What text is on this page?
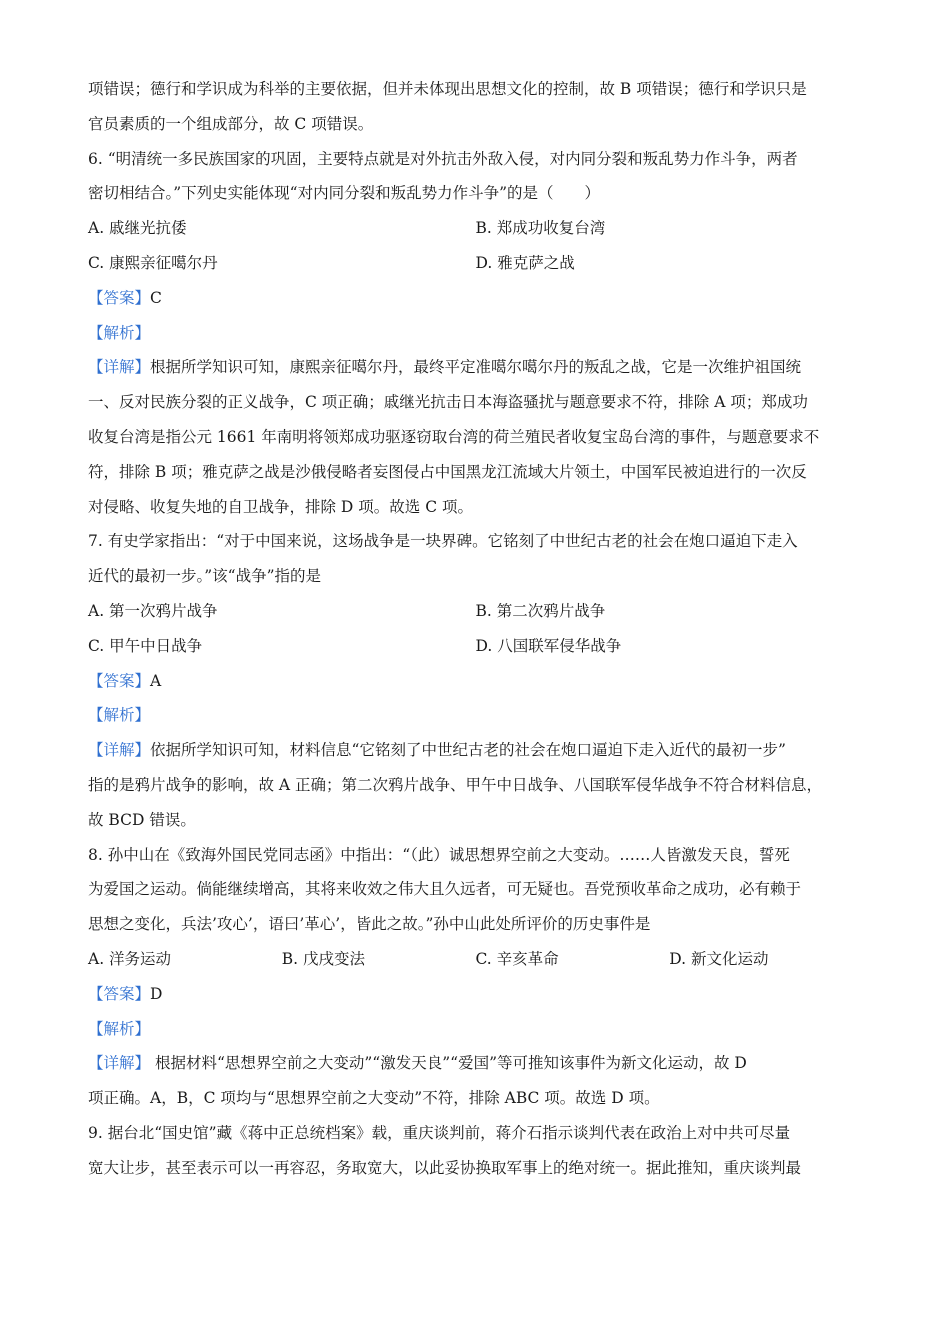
项错误；德行和学识成为科举的主要依据，但并未体现出思想文化的控制，故 B 项错误；德行和学识只是
官员素质的一个组成部分，故 C 项错误。
6. “明清统一多民族国家的巩固，主要特点就是对外抗击外敌入侵，对内同分裂和叛乱势力作斗争，两者
密切相结合。”下列史实能体现“对内同分裂和叛乱势力作斗争”的是（　　）
A. 戚继光抗倭	B. 郑成功收复台湾
C. 康熙亲征噶尔丹	D. 雅克萨之战
【答案】C
【解析】
【详解】根据所学知识可知，康熙亲征噶尔丹，最终平定准噶尔噶尔丹的叛乱之战，它是一次维护祖国统
一、反对民族分裂的正义战争，C 项正确；戚继光抗击日本海盗骚扰与题意要求不符，排除 A 项；郑成功
收复台湾是指公元 1661 年南明将领郑成功驱逐窃取台湾的荷兰殖民者收复宝岛台湾的事件，与题意要求不
符，排除 B 项；雅克萨之战是沙俄侵略者妄图侵占中国黑龙江流域大片领土，中国军民被迫进行的一次反
对侵略、收复失地的自卫战争，排除 D 项。故选 C 项。
7. 有史学家指出：“对于中国来说，这场战争是一块界碑。它铭刻了中世纪古老的社会在炮口逼迫下走入
近代的最初一步。”该“战争”指的是
A. 第一次鸦片战争	B. 第二次鸦片战争
C. 甲午中日战争	D. 八国联军侵华战争
【答案】A
【解析】
【详解】依据所学知识可知，材料信息“它铭刻了中世纪古老的社会在炮口逼迫下走入近代的最初一步”
指的是鸦片战争的影响，故 A 正确；第二次鸦片战争、甲午中日战争、八国联军侵华战争不符合材料信息，
故 BCD 错误。
8. 孙中山在《致海外国民党同志函》中指出：“（此）诚思想界空前之大变动。……人皆激发天良，誓死
为爱国之运动。倘能继续增高，其将来收效之伟大且久远者，可无疑也。吾党预收革命之成功，必有赖于
思想之变化，兵法’攻心’，语曰’革心’，皆此之故。”孙中山此处所评价的历史事件是
A. 洋务运动	B. 戊戌变法	C. 辛亥革命	D. 新文化运动
【答案】D
【解析】
【详解】 根据材料“思想界空前之大变动”“激发天良”“爱国”等可推知该事件为新文化运动，故 D
项正确。A，B，C 项均与“思想界空前之大变动”不符，排除 ABC 项。故选 D 项。
9. 据台北“国史馆”藏《蒋中正总统档案》载，重庆谈判前，蒋介石指示谈判代表在政治上对中共可尽量
宽大让步，甚至表示可以一再容忍，务取宽大，以此妥协换取军事上的绝对统一。据此推知，重庆谈判最
